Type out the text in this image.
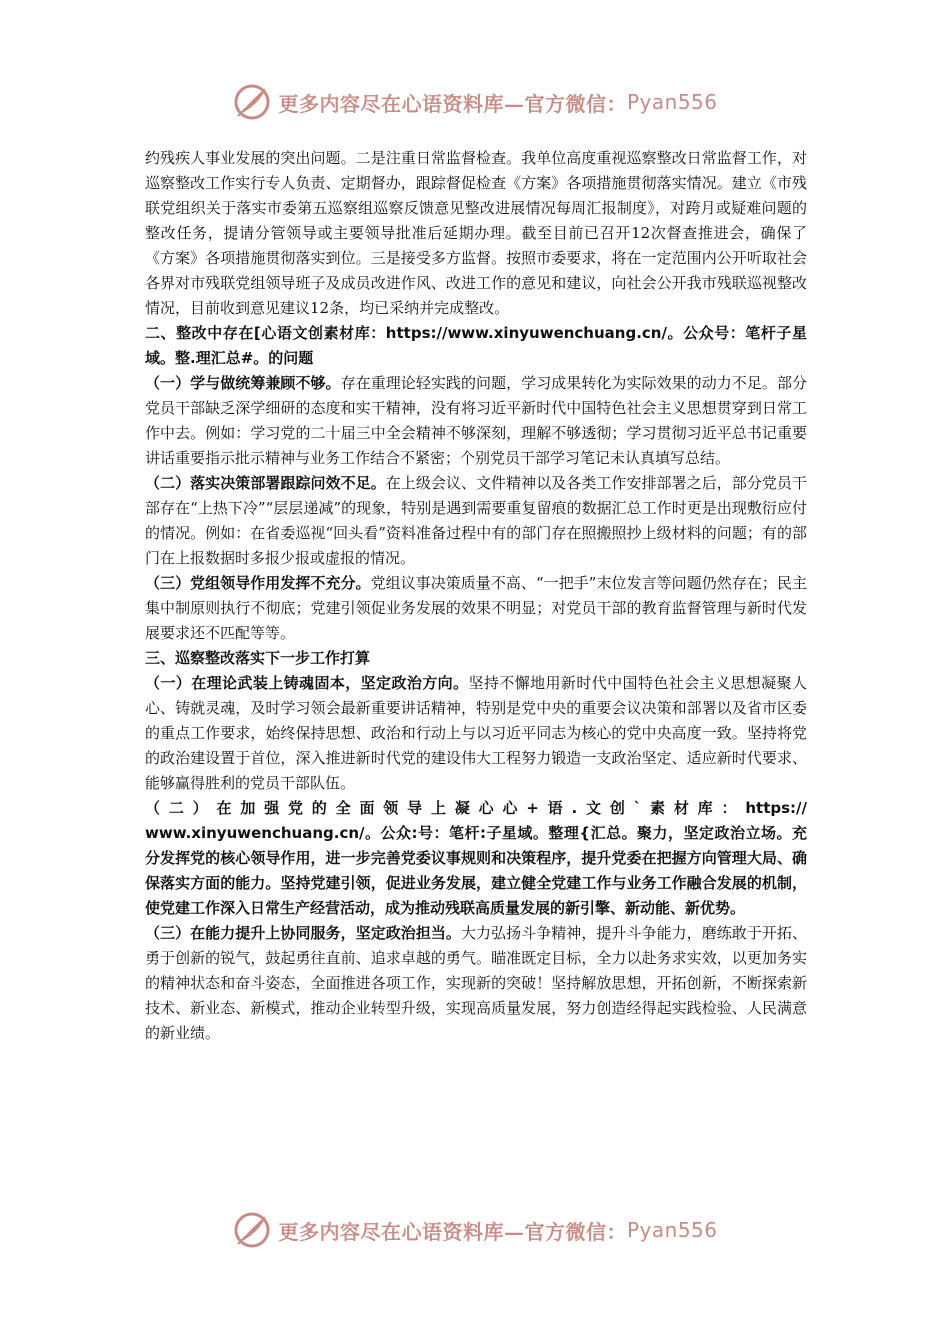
更多内容尽在心语资料库—官方微信： Pyan556

约残疾人事业发展的突出问题。二是注重日常监督检查。我单位高度重视巡察整改日常监督工作，对巡察整改工作实行专人负责、定期督办，跟踪督促检查《方案》各项措施贯彻落实情况。建立《市残联党组织关于落实市委第五巡察组巡察反馈意见整改进展情况每周汇报制度》，对跨月或疑难问题的整改任务，提请分管领导或主要领导批准后延期办理。截至目前已召开12次督查推进会，确保了《方案》各项措施贯彻落实到位。三是接受多方监督。按照市委要求，将在一定范围内公开听取社会各界对市残联党组领导班子及成员改进作风、改进工作的意见和建议，向社会公开我市残联巡视整改情况，目前收到意见建议12条，均已采纳并完成整改。

二、整改中存在[心语文创素材库：https://www.xinyuwenchuang.cn/。公众号：笔杆子星域。整.理汇总#。的问题

（一）学与做统筹兼顾不够。存在重理论轻实践的问题，学习成果转化为实际效果的动力不足。部分党员干部缺乏深学细研的态度和实干精神，没有将习近平新时代中国特色社会主义思想贯穿到日常工作中去。例如：学习党的二十届三中全会精神不够深刻，理解不够透彻；学习贯彻习近平总书记重要讲话重要指示批示精神与业务工作结合不紧密；个别党员干部学习笔记未认真填写总结。

（二）落实决策部署跟踪问效不足。在上级会议、文件精神以及各类工作安排部署之后，部分党员干部存在“上热下冷”“层层递减”的现象，特别是遇到需要重复留痕的数据汇总工作时更是出现敷衍应付的情况。例如：在省委巡视“回头看”资料准备过程中有的部门存在照搬照抄上级材料的问题；有的部门在上报数据时多报少报或虚报的情况。

（三）党组领导作用发挥不充分。党组议事决策质量不高、“一把手”末位发言等问题仍然存在；民主集中制原则执行不彻底；党建引领促业务发展的效果不明显；对党员干部的教育监督管理与新时代发展要求还不匹配等等。

三、巡察整改落实下一步工作打算

（一）在理论武装上铸魂固本，坚定政治方向。坚持不懈地用新时代中国特色社会主义思想凝聚人心、铸就灵魂，及时学习领会最新重要讲话精神，特别是党中央的重要会议决策和部署以及省市区委的重点工作要求，始终保持思想、政治和行动上与以习近平同志为核心的党中央高度一致。坚持将党的政治建设置于首位，深入推进新时代党的建设伟大工程努力锻造一支政治坚定、适应新时代要求、能够赢得胜利的党员干部队伍。

（二）在加强党的全面领导上凝心心+语.文创`素材库：https://

www.xinyuwenchuang.cn/。公众:号：笔杆:子星域。整理{汇总。聚力，坚定政治立场。充分发挥党的核心领导作用，进一步完善党委议事规则和决策程序，提升党委在把握方向管理大局、确保落实方面的能力。坚持党建引领，促进业务发展，建立健全党建工作与业务工作融合发展的机制，使党建工作深入日常生产经营活动，成为推动残联高质量发展的新引擎、新动能、新优势。

（三）在能力提升上协同服务，坚定政治担当。大力弘扬斗争精神，提升斗争能力，磨练敢于开拓、勇于创新的锐气，鼓起勇往直前、追求卓越的勇气。瞄准既定目标，全力以赴务求实效，以更加务实的精神状态和奋斗姿态，全面推进各项工作，实现新的突破！坚持解放思想，开拓创新，不断探索新技术、新业态、新模式，推动企业转型升级，实现高质量发展，努力创造经得起实践检验、人民满意的新业绩。

更多内容尽在心语资料库—官方微信： Pyan556
